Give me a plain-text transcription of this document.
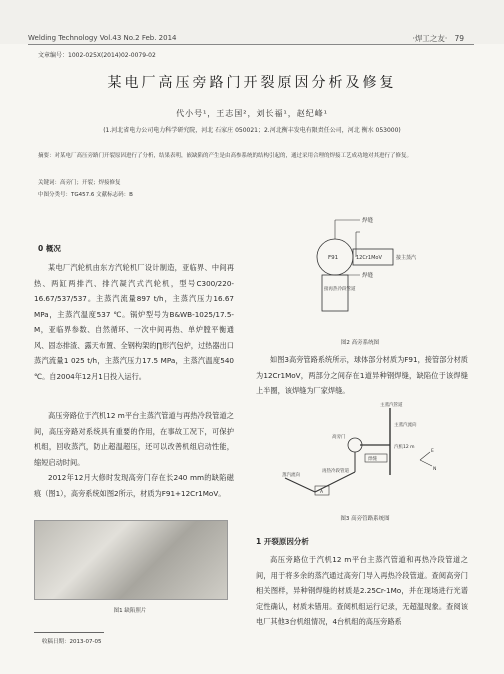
Welding Technology Vol.43 No.2 Feb. 2014	·焊工之友· 79
文章编号：1002-025X(2014)02-0079-02
某电厂高压旁路门开裂原因分析及修复
代小号¹，王志国²，刘长福¹，赵纪峰¹
(1.河北省电力公司电力科学研究院，河北 石家庄 050021；2.河北衡丰发电有限责任公司，河北 衡水 053000)
摘要：对某电厂高压旁路门开裂原因进行了分析，结果表明，嵌缺陷的产生是由高参系统的结构引起的，通过采用合理的焊接工艺成功地对其进行了修复。
关键词：高旁门；开裂；焊接修复
中图分类号：TG457.6 文献标志码：B
0 概况
某电厂汽轮机由东方汽轮机厂设计制造，亚临界、中间再热、两缸两排汽、排汽凝汽式汽轮机，型号C300/220-16.67/537/537。主蒸汽流量897 t/h，主蒸汽压力16.67 MPa，主蒸汽温度537 ℃。锅炉型号为B&WB-1025/17.5-M，亚临界参数、自然循环、一次中间再热、单炉膛平衡通风、固态排渣、露天布置、全钢构架的∏形汽包炉，过热器出口蒸汽流量1 025 t/h，主蒸汽压力17.5 MPa，主蒸汽温度540 ℃。自2004年12月1日投入运行。
高压旁路位于汽机12 m平台主蒸汽管道与再热冷段管道之间，高压旁路对系统具有重要的作用，在事故工况下，可保护机组，回收蒸汽，防止超温超压，还可以改善机组启动性能，缩短启动时间。
2012年12月大修时发现高旁门存在长240 mm的缺陷磁痕（图1），高旁系统如图2所示，材质为F91+12Cr1MoV。
图1 缺陷照片
收稿日期：2013-07-05
焊缝
F91	12Cr1MoV	接主蒸汽
焊缝
接再热冷段管道
图2 高旁系统图
如图3高旁管路系统所示，球体部分材质为F91，接管部分材质为12Cr1MoV，两部分之间存在1道异种钢焊缝，缺陷位于该焊缝上半圈，该焊缝为厂家焊缝。
主蒸汽管道
主蒸汽流向
高旁门
焊缝
汽机12 m
再热冷段管道
蒸汽流向
A
E
N
图3 高旁管路系统图
1 开裂原因分析
高压旁路位于汽机12 m平台主蒸汽管道和再热冷段管道之间，用于将多余的蒸汽通过高旁门导入再热冷段管道。查阅高旁门相关图样，异种钢焊缝的材质是2.25Cr-1Mo，并在现场进行光谱定性确认，材质未错用。查阅机组运行记录，无超温现象。查阅该电厂其他3台机组情况，4台机组的高压旁路系
